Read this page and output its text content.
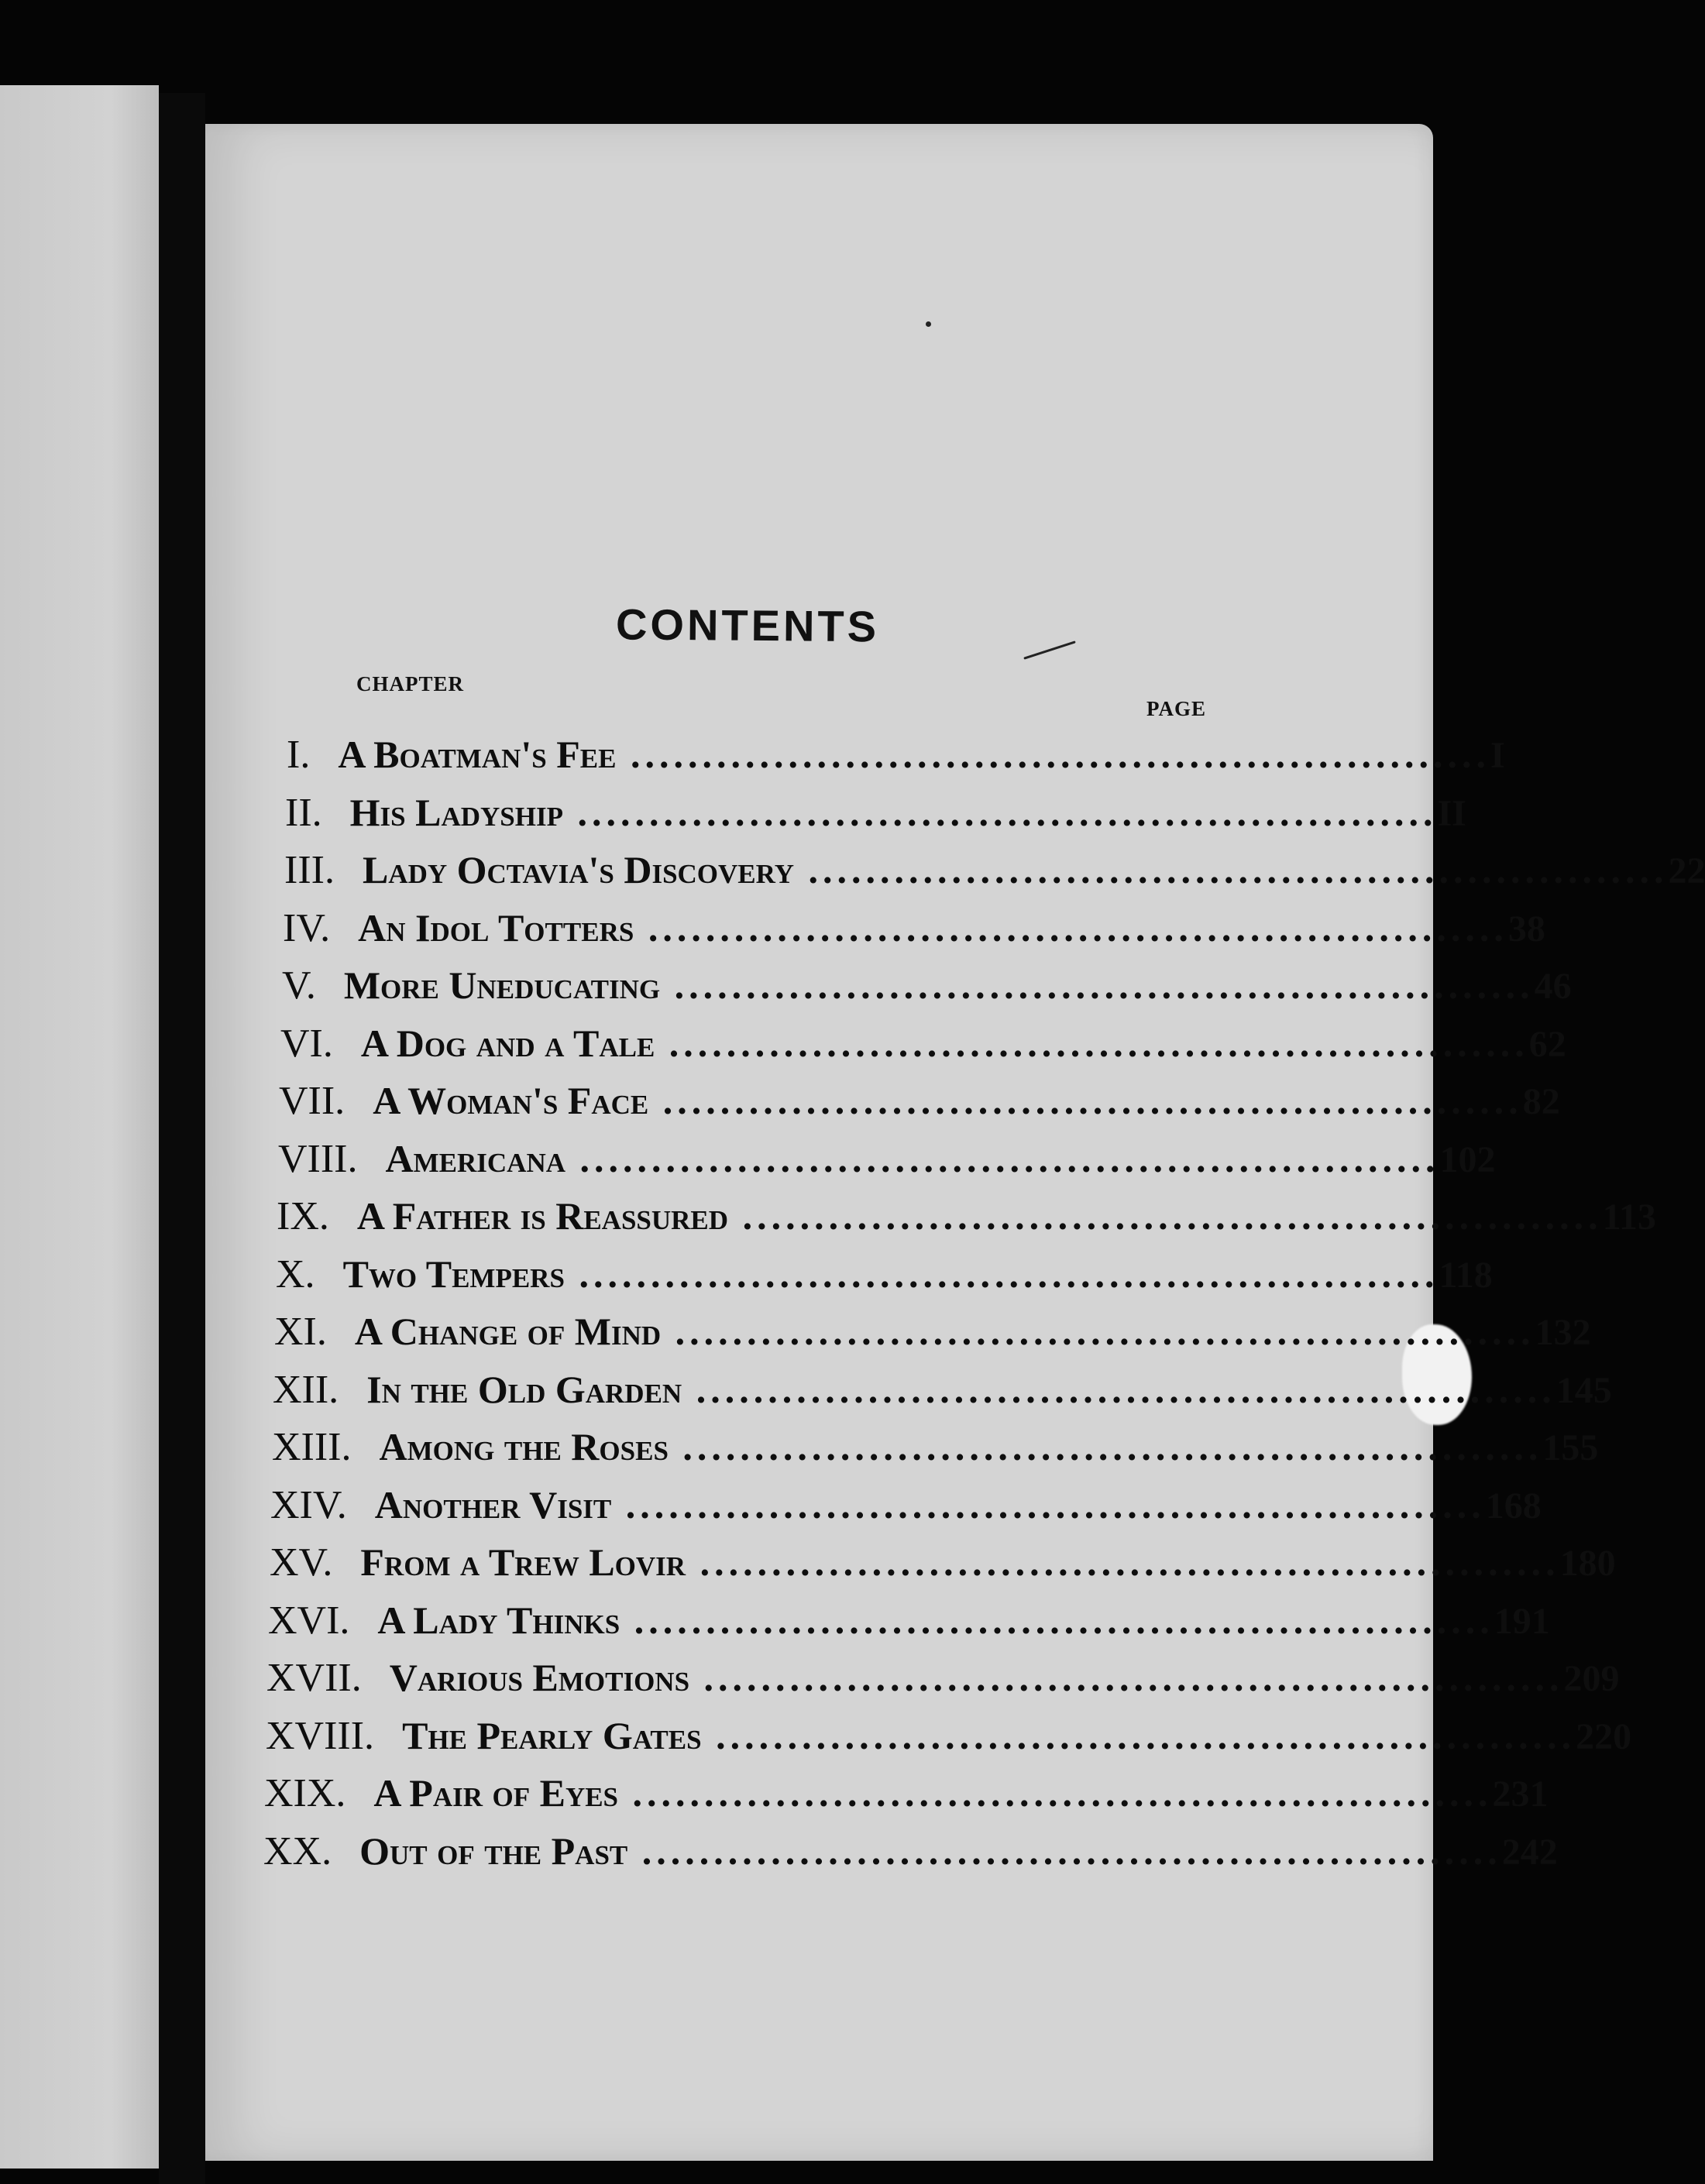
CONTENTS
CHAPTER
PAGE
I. A Boatman's Fee ............................................................ I
II. His Ladyship ............................................................ II
III. Lady Octavia's Discovery ............................................................ 22
IV. An Idol Totters ............................................................ 38
V. More Uneducating ............................................................ 46
VI. A Dog and a Tale ............................................................ 62
VII. A Woman's Face ............................................................ 82
VIII. Americana ............................................................ 102
IX. A Father is Reassured ............................................................ 113
X. Two Tempers ............................................................ 118
XI. A Change of Mind ............................................................ 132
XII. In the Old Garden ............................................................ 145
XIII. Among the Roses ............................................................ 155
XIV. Another Visit ............................................................ 168
XV. From a Trew Lovir ............................................................ 180
XVI. A Lady Thinks ............................................................ 191
XVII. Various Emotions ............................................................ 209
XVIII. The Pearly Gates ............................................................ 220
XIX. A Pair of Eyes ............................................................ 231
XX. Out of the Past ............................................................ 242
